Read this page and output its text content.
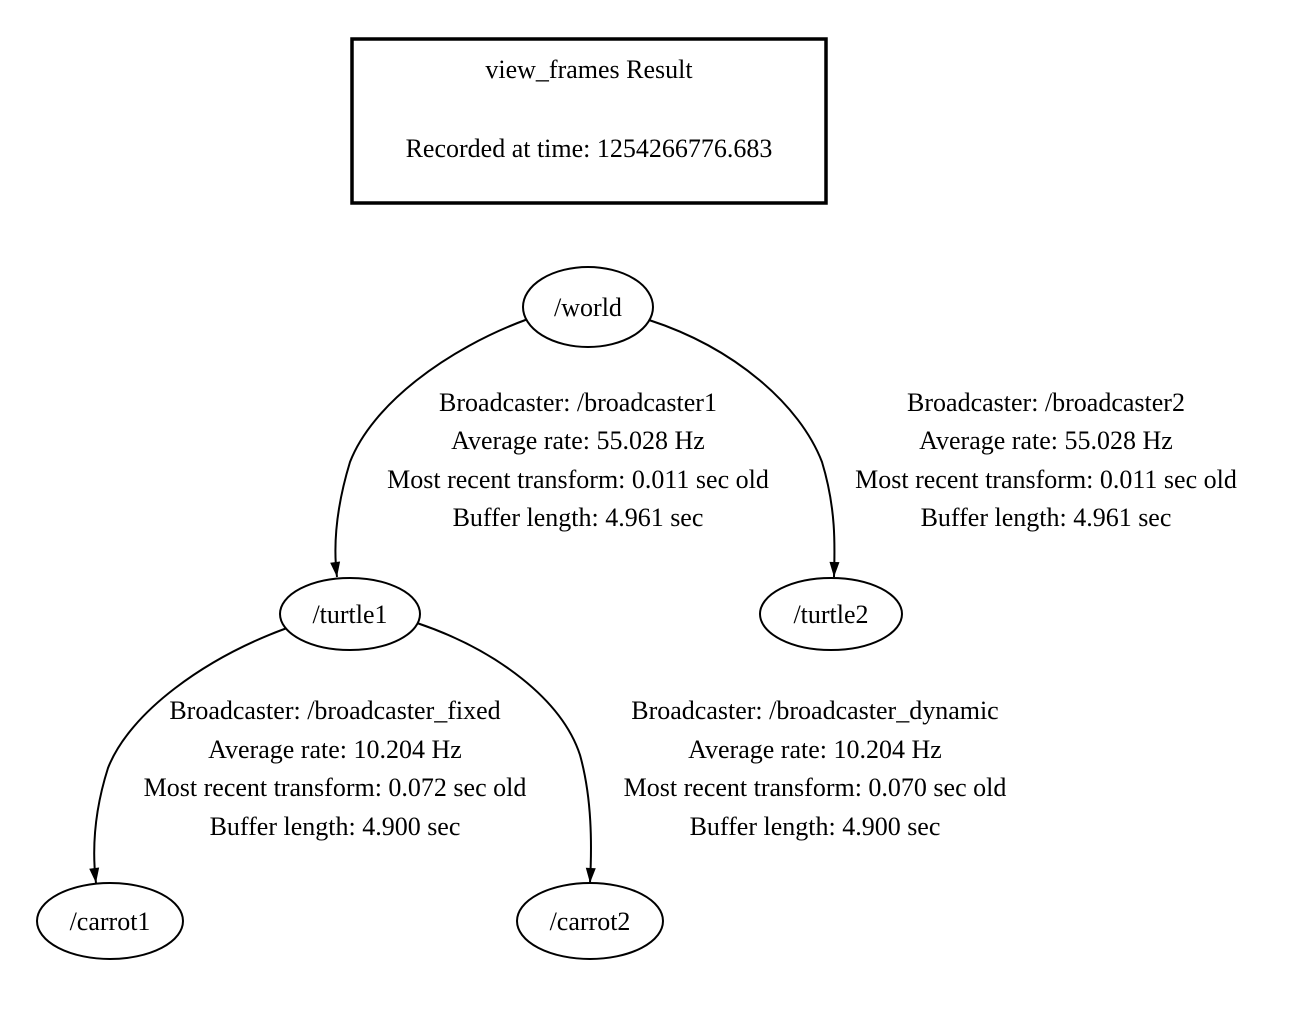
view_frames Result
Recorded at time: 1254266776.683
Broadcaster: /broadcaster1
Average rate: 55.028 Hz
Most recent transform: 0.011 sec old
Buffer length: 4.961 sec
Broadcaster: /broadcaster2
Average rate: 55.028 Hz
Most recent transform: 0.011 sec old
Buffer length: 4.961 sec
Broadcaster: /broadcaster_fixed
Average rate: 10.204 Hz
Most recent transform: 0.072 sec old
Buffer length: 4.900 sec
Broadcaster: /broadcaster_dynamic
Average rate: 10.204 Hz
Most recent transform: 0.070 sec old
Buffer length: 4.900 sec
/world
/turtle1	/turtle2
/carrot1	/carrot2
